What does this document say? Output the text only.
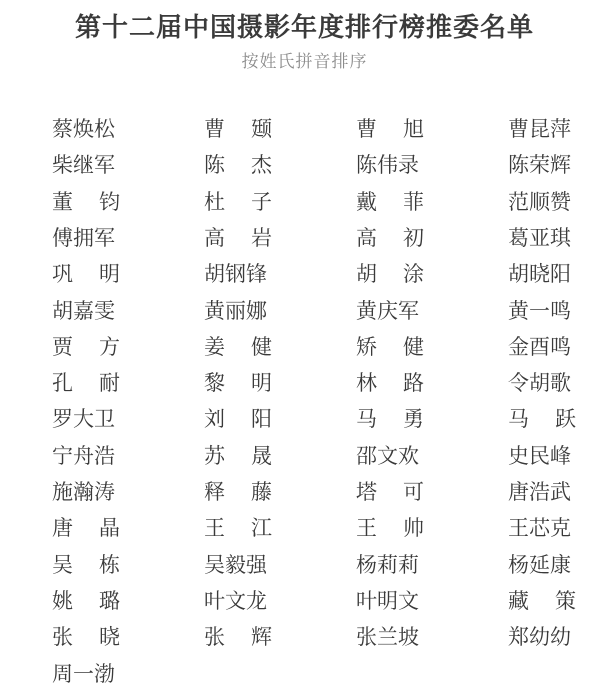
第十二届中国摄影年度排行榜推委名单
按姓氏拼音排序
蔡焕松	曹 颋	曹 旭	曹昆萍
柴继军	陈 杰	陈伟录	陈荣辉
董 钧	杜 子	戴 菲	范顺赞
傅拥军	高 岩	高 初	葛亚琪
巩 明	胡钢锋	胡 涂	胡晓阳
胡嘉雯	黄丽娜	黄庆军	黄一鸣
贾 方	姜 健	矫 健	金酉鸣
孔 耐	黎 明	林 路	令胡歌
罗大卫	刘 阳	马 勇	马 跃
宁舟浩	苏 晟	邵文欢	史民峰
施瀚涛	释 藤	塔 可	唐浩武
唐 晶	王 江	王 帅	王芯克
吴 栋	吴毅强	杨莉莉	杨延康
姚 璐	叶文龙	叶明文	藏 策
张 晓	张 辉	张兰坡	郑幼幼
周一渤
